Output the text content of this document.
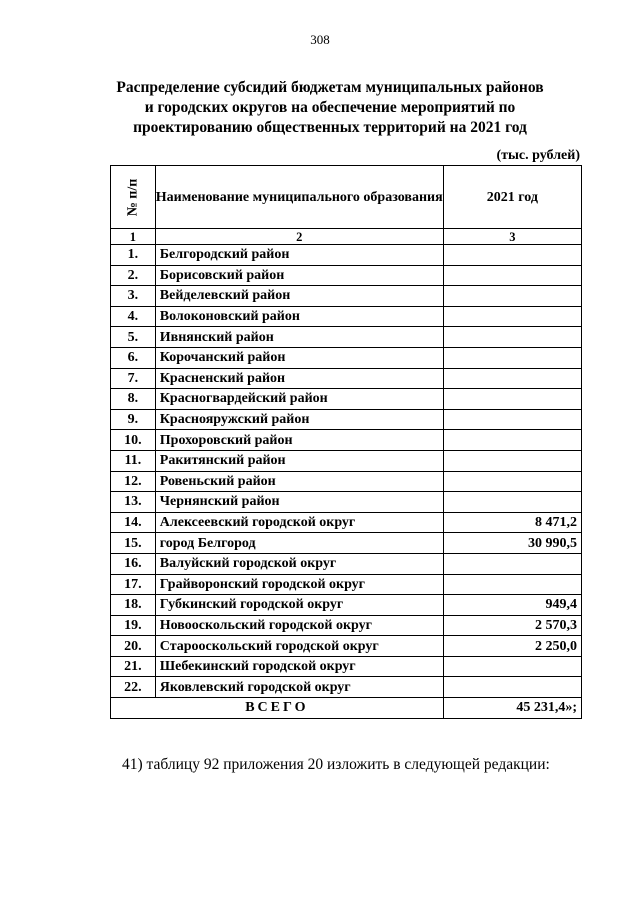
308
Распределение субсидий бюджетам муниципальных районов
и городских округов на обеспечение мероприятий по
проектированию общественных территорий на 2021 год
(тыс. рублей)
№ п/п	Наименование муниципального образования	2021 год
1	2	3
1.	Белгородский район	
2.	Борисовский район	
3.	Вейделевский район	
4.	Волоконовский район	
5.	Ивнянский район	
6.	Корочанский район	
7.	Красненский район	
8.	Красногвардейский район	
9.	Краснояружский район	
10.	Прохоровский район	
11.	Ракитянский район	
12.	Ровеньский район	
13.	Чернянский район	
14.	Алексеевский городской округ	8 471,2
15.	город Белгород	30 990,5
16.	Валуйский городской округ	
17.	Грайворонский городской округ	
18.	Губкинский городской округ	949,4
19.	Новооскольский городской округ	2 570,3
20.	Старооскольский городской округ	2 250,0
21.	Шебекинский городской округ	
22.	Яковлевский городской округ	
ВСЕГО		45 231,4»;
41) таблицу 92 приложения 20 изложить в следующей редакции:
